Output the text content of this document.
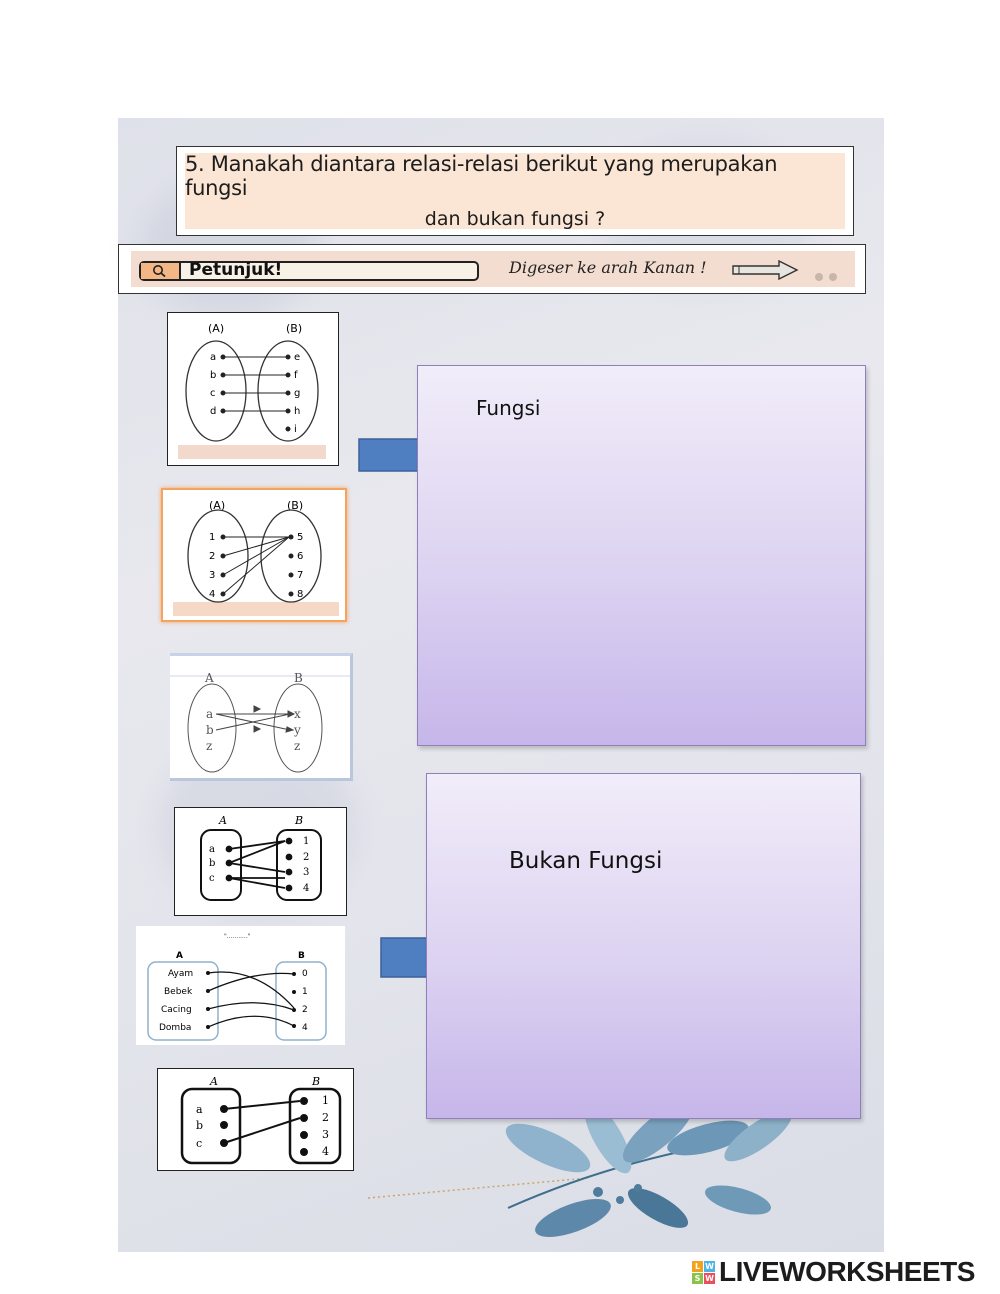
5. Manakah diantara relasi-relasi berikut yang merupakan fungsi
dan bukan fungsi ?
Petunjuk!	Digeser ke arah Kanan !
(A)	(B)
a
b
c
d
e
f
g
h
i
(A)	(B)
1
2
3
4
5
6
7
8
A	B
a
b
z
x
y
z
A	B
a
b
c
1
2
3
4
"..........."
A	B
Ayam
Bebek
Cacing
Domba
0
1
2
4
A	B
a
b
c
1
2
3
4
Fungsi
Bukan Fungsi
L W
S W LIVEWORKSHEETS
